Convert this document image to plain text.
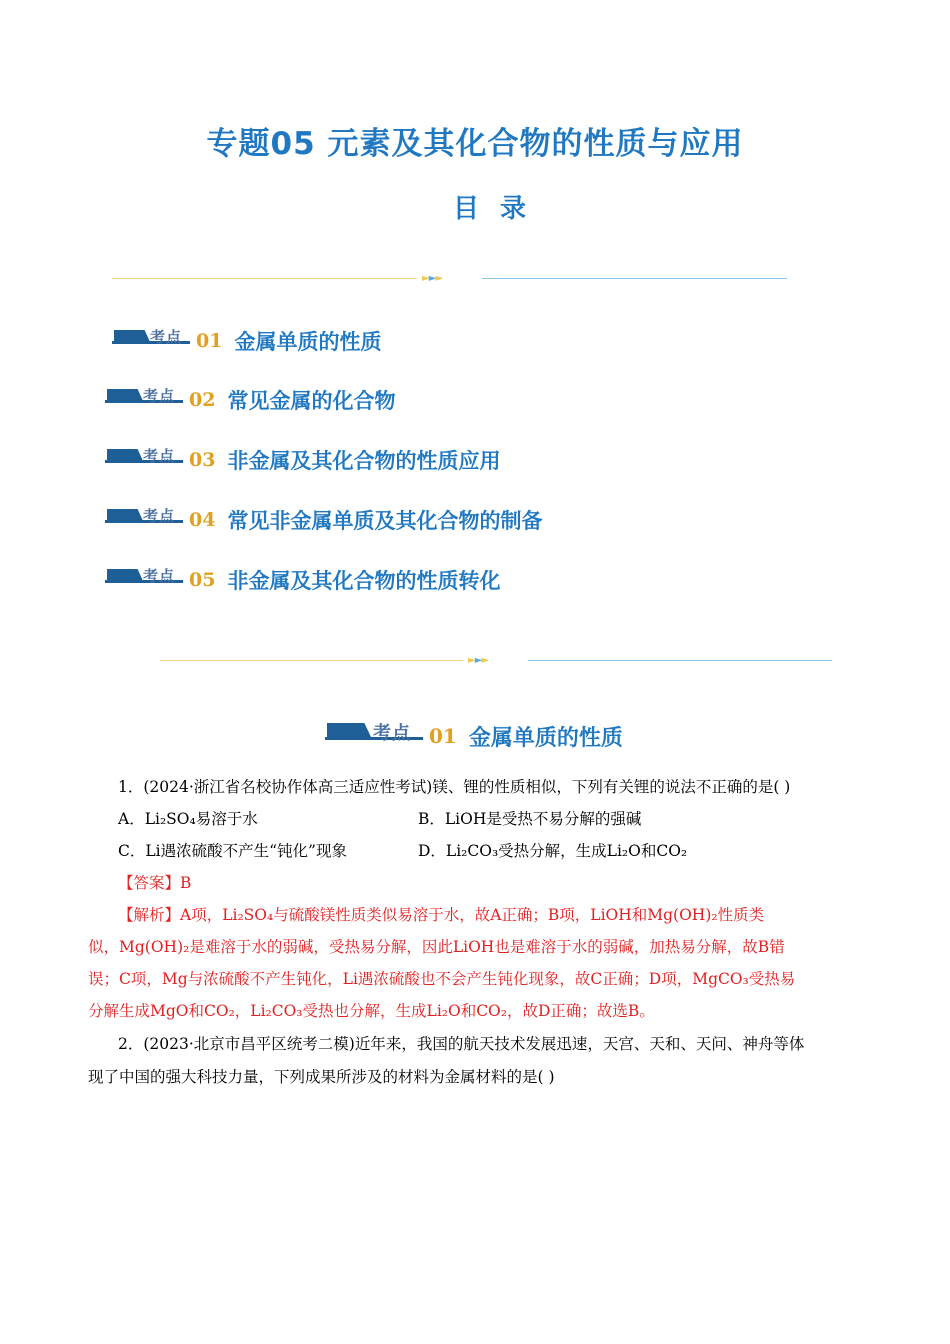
专题05 元素及其化合物的性质与应用
目 录
►►►
考点 01 金属单质的性质
考点 02 常见金属的化合物
考点 03 非金属及其化合物的性质应用
考点 04 常见非金属单质及其化合物的制备
考点 05 非金属及其化合物的性质转化
►►►
考点 01 金属单质的性质
1．(2024·浙江省名校协作体高三适应性考试)镁、锂的性质相似，下列有关锂的说法不正确的是( )
A．Li₂SO₄易溶于水	B．LiOH是受热不易分解的强碱
C．Li遇浓硫酸不产生“钝化”现象	D．Li₂CO₃受热分解，生成Li₂O和CO₂
【答案】B
【解析】A项，Li₂SO₄与硫酸镁性质类似易溶于水，故A正确；B项，LiOH和Mg(OH)₂性质类
似，Mg(OH)₂是难溶于水的弱碱，受热易分解，因此LiOH也是难溶于水的弱碱，加热易分解，故B错
误；C项，Mg与浓硫酸不产生钝化，Li遇浓硫酸也不会产生钝化现象，故C正确；D项，MgCO₃受热易
分解生成MgO和CO₂，Li₂CO₃受热也分解，生成Li₂O和CO₂，故D正确；故选B。
2．(2023·北京市昌平区统考二模)近年来，我国的航天技术发展迅速，天宫、天和、天问、神舟等体
现了中国的强大科技力量，下列成果所涉及的材料为金属材料的是( )
